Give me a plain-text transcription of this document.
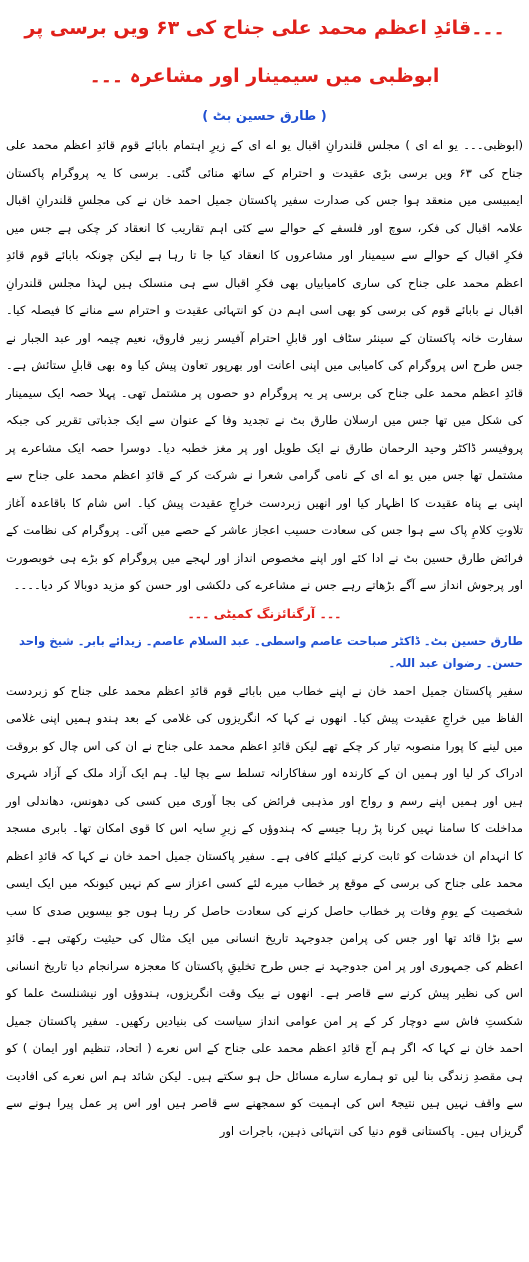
۔۔۔قائدِ اعظم محمد علی جناح کی ۶۳ ویں برسی پر ابوظبی میں سیمینار اور مشاعرہ ۔۔۔
( طارق حسین بٹ )

(ابوظبی۔۔۔ یو اے ای ) مجلس قلندرانِ اقبال یو اے ای کے زیرِ اہتمام بابائے قوم قائدِ اعظم محمد علی جناح کی ۶۳ ویں برسی بڑی عقیدت و احترام کے ساتھ منائی گئی۔ برسی کا یہ پروگرام پاکستان ایمبیسی میں منعقد ہوا جس کی صدارت سفیر پاکستان جمیل احمد خان نے کی مجلسِ قلندرانِ اقبال علامہ اقبال کی فکر، سوچ اور فلسفے کے حوالے سے کئی اہم تقاریب کا انعقاد کر چکی ہے جس میں فکرِ اقبال کے حوالے سے سیمینار اور مشاعروں کا انعقاد کیا جا تا رہا ہے لیکن چونکہ بابائے قوم قائدِ اعظم محمد علی جناح کی ساری کامیابیاں بھی فکرِ اقبال سے ہی منسلک ہیں لہذا مجلس قلندرانِ اقبال نے بابائے قوم کی برسی کو بھی اسی اہم دن کو انتہائی عقیدت و احترام سے منانے کا فیصلہ کیا۔ سفارت خانہ پاکستان کے سینئر سٹاف اور قابلِ احترام آفیسر زبیر فاروق، نعیم چیمہ اور عبد الجبار نے جس طرح اس پروگرام کی کامیابی میں اپنی اعانت اور بھرپور تعاون پیش کیا وہ بھی قابلِ ستائش ہے۔ قائدِ اعظم محمد علی جناح کی برسی پر یہ پروگرام دو حصوں پر مشتمل تھی۔ پہلا حصہ ایک سیمینار کی شکل میں تھا جس میں ارسلان طارق بٹ نے تجدید وفا کے عنوان سے ایک جذباتی تقریر کی جبکہ پروفیسر ڈاکٹر وحید الرحمان طارق نے ایک طویل اور پر مغز خطبہ دیا۔ دوسرا حصہ ایک مشاعرے پر مشتمل تھا جس میں یو اے ای کے نامی گرامی شعرا نے شرکت کر کے قائدِ اعظم محمد علی جناح سے اپنی بے پناہ عقیدت کا اظہار کیا اور انھیں زبردست خراجِ عقیدت پیش کیا۔ اس شام کا باقاعدہ آغاز تلاوتِ کلامِ پاک سے ہوا جس کی سعادت حسیب اعجاز عاشر کے حصے میں آئی۔ پروگرام کی نظامت کے فرائض طارق حسین بٹ نے ادا کئے اور اپنے مخصوص انداز اور لہجے میں پروگرام کو بڑے ہی خوبصورت اور پرجوش انداز سے آگے بڑھاتے رہے جس نے مشاعرے کی دلکشی اور حسن کو مزید دوبالا کر دیا۔۔۔۔

۔۔۔ آرگنائزنگ کمیٹی ۔۔۔
طارق حسین بٹ۔ ڈاکٹر صباحت عاصم واسطی۔ عبد السلام عاصم۔ زیدائے بابر۔ شیخ واحد حسن۔ رضوان عبد اللہ۔

سفیر پاکستان جمیل احمد خان نے اپنے خطاب میں بابائے قوم قائدِ اعظم محمد علی جناح کو زبردست الفاظ میں خراجِ عقیدت پیش کیا۔ انھوں نے کہا کہ انگریزوں کی غلامی کے بعد ہندو ہمیں اپنی غلامی میں لینے کا پورا منصوبہ تیار کر چکے تھے لیکن قائدِ اعظم محمد علی جناح نے ان کی اس چال کو بروقت ادراک کر لیا اور ہمیں ان کے کارندہ اور سفاکارانہ تسلط سے بچا لیا۔ ہم ایک آزاد ملک کے آزاد شہری ہیں اور ہمیں اپنے رسم و رواج اور مذہبی فرائض کی بجا آوری میں کسی کی دھونس، دھاندلی اور مداخلت کا سامنا نہیں کرنا پڑ رہا جیسے کہ ہندوؤں کے زیرِ سایہ اس کا قوی امکان تھا۔ بابری مسجد کا انہدام ان خدشات کو ثابت کرنے کیلئے کافی ہے۔ سفیر پاکستان جمیل احمد خان نے کہا کہ قائدِ اعظم محمد علی جناح کی برسی کے موقع پر خطاب میرے لئے کسی اعزاز سے کم نہیں کیونکہ میں ایک ایسی شخصیت کے یومِ وفات پر خطاب حاصل کرنے کی سعادت حاصل کر رہا ہوں جو بیسویں صدی کا سب سے بڑا قائد تھا اور جس کی پرامن جدوجہد تاریخ انسانی میں ایک مثال کی حیثیت رکھتی ہے۔ قائدِ اعظم کی جمہوری اور پر امن جدوجہد نے جس طرح تخلیقِ پاکستان کا معجزہ سرانجام دیا تاریخ انسانی اس کی نظیر پیش کرنے سے قاصر ہے۔ انھوں نے بیک وقت انگریزوں، ہندوؤں اور نیشنلسٹ علما کو شکستِ فاش سے دوچار کر کے پر امن عوامی انداز سیاست کی بنیادیں رکھیں۔ سفیر پاکستان جمیل احمد خان نے کہا کہ اگر ہم آج قائدِ اعظم محمد علی جناح کے اس نعرے ( اتحاد، تنظیم اور ایمان ) کو ہی مقصدِ زندگی بنا لیں تو ہمارے سارے مسائل حل ہو سکتے ہیں۔ لیکن شائد ہم اس نعرے کی افادیت سے واقف نہیں ہیں نتیجۃً اس کی اہمیت کو سمجھنے سے قاصر ہیں اور اس پر عمل پیرا ہونے سے گریزاں ہیں۔ پاکستانی قوم دنیا کی انتہائی ذہین، باجرات اور
